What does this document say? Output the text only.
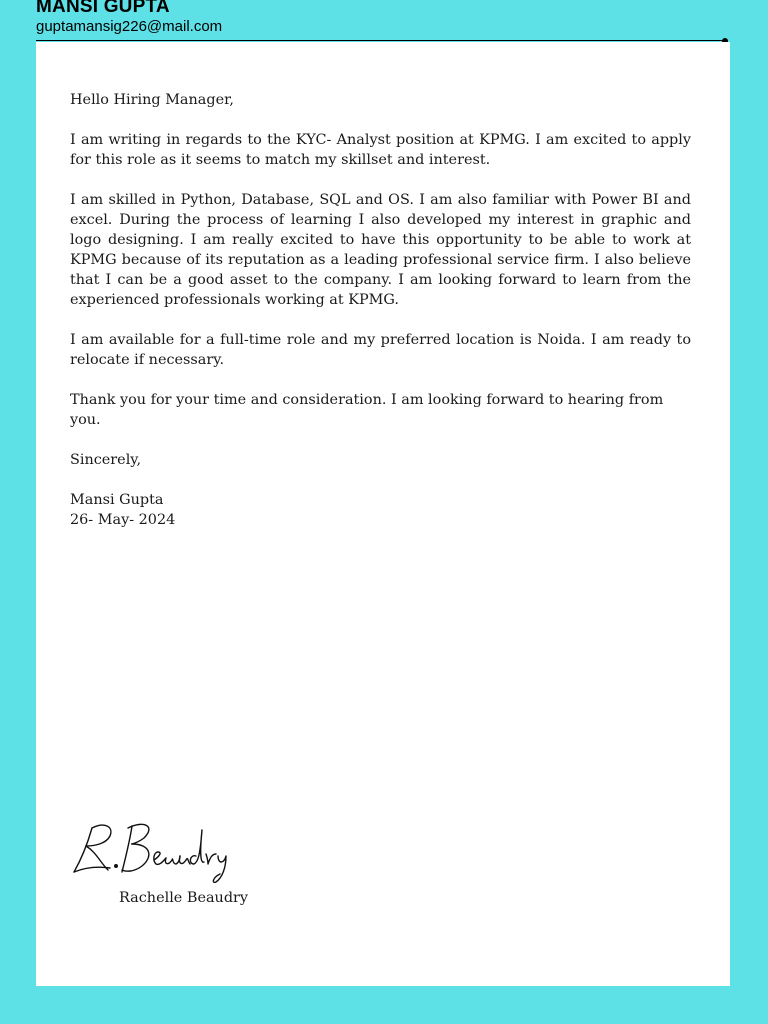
MANSI GUPTA
guptamansig226@mail.com

Hello Hiring Manager,

I am writing in regards to the KYC- Analyst position at KPMG. I am excited to apply for this role as it seems to match my skillset and interest.

I am skilled in Python, Database, SQL and OS. I am also familiar with Power BI and excel. During the process of learning I also developed my interest in graphic and logo designing. I am really excited to have this opportunity to be able to work at KPMG because of its reputation as a leading professional service firm. I also believe that I can be a good asset to the company. I am looking forward to learn from the experienced professionals working at KPMG.

I am available for a full-time role and my preferred location is Noida. I am ready to relocate if necessary.

Thank you for your time and consideration. I am looking forward to hearing from you.

Sincerely,

Mansi Gupta
26- May- 2024

Rachelle Beaudry
